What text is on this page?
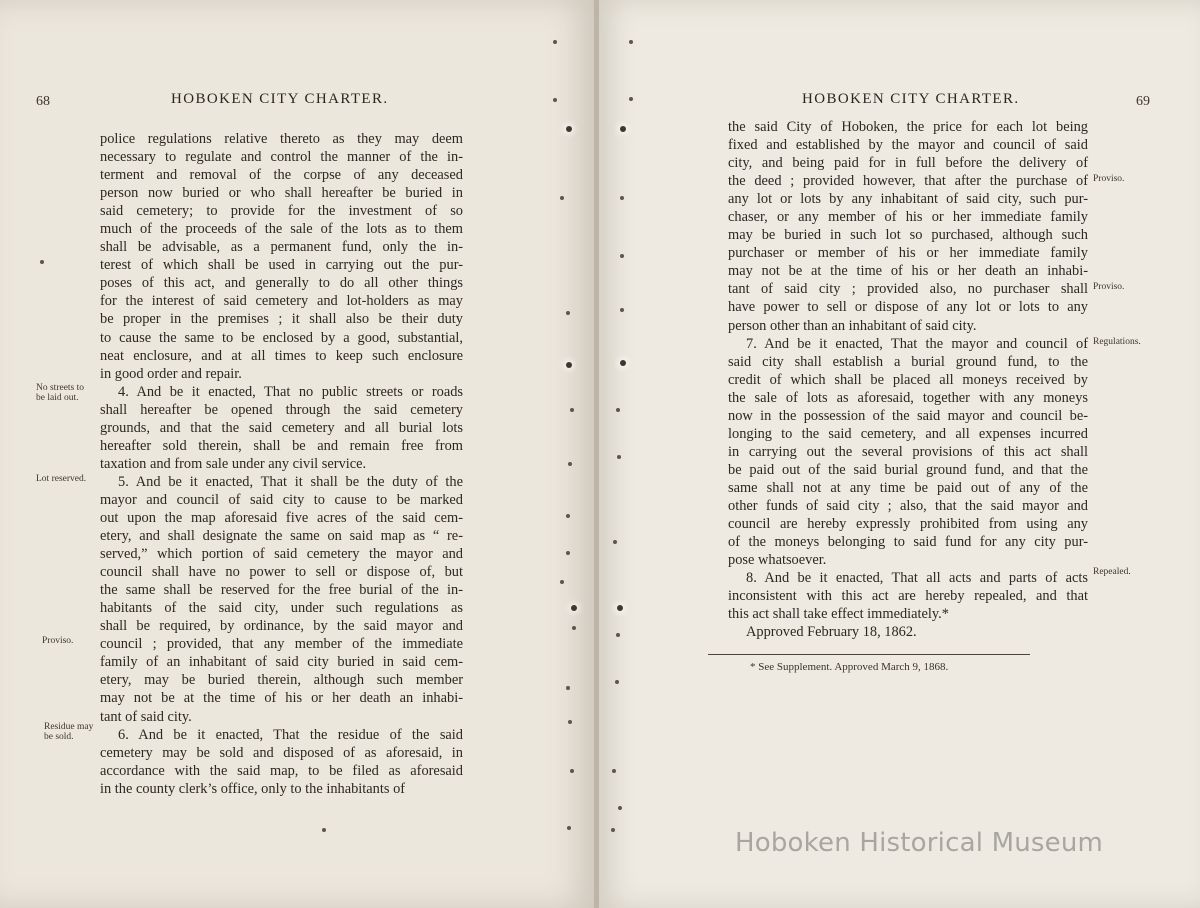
68	HOBOKEN CITY CHARTER.
police regulations relative thereto as they may deem
necessary to regulate and control the manner of the in-
terment and removal of the corpse of any deceased
person now buried or who shall hereafter be buried in
said cemetery; to provide for the investment of so
much of the proceeds of the sale of the lots as to them
shall be advisable, as a permanent fund, only the in-
terest of which shall be used in carrying out the pur-
poses of this act, and generally to do all other things
for the interest of said cemetery and lot-holders as may
be proper in the premises ; it shall also be their duty
to cause the same to be enclosed by a good, substantial,
neat enclosure, and at all times to keep such enclosure
in good order and repair.
4. And be it enacted, That no public streets or roads
shall hereafter be opened through the said cemetery
grounds, and that the said cemetery and all burial lots
hereafter sold therein, shall be and remain free from
taxation and from sale under any civil service.
5. And be it enacted, That it shall be the duty of the
mayor and council of said city to cause to be marked
out upon the map aforesaid five acres of the said cem-
etery, and shall designate the same on said map as “ re-
served,” which portion of said cemetery the mayor and
council shall have no power to sell or dispose of, but
the same shall be reserved for the free burial of the in-
habitants of the said city, under such regulations as
shall be required, by ordinance, by the said mayor and
council ; provided, that any member of the immediate
family of an inhabitant of said city buried in said cem-
etery, may be buried therein, although such member
may not be at the time of his or her death an inhabi-
tant of said city.
6. And be it enacted, That the residue of the said
cemetery may be sold and disposed of as aforesaid, in
accordance with the said map, to be filed as aforesaid
in the county clerk’s office, only to the inhabitants of
No streets to
be laid out.
Lot reserved.
Proviso.
Residue may
be sold.
HOBOKEN CITY CHARTER.	69
the said City of Hoboken, the price for each lot being
fixed and established by the mayor and council of said
city, and being paid for in full before the delivery of
the deed ; provided however, that after the purchase of
any lot or lots by any inhabitant of said city, such pur-
chaser, or any member of his or her immediate family
may be buried in such lot so purchased, although such
purchaser or member of his or her immediate family
may not be at the time of his or her death an inhabi-
tant of said city ; provided also, no purchaser shall
have power to sell or dispose of any lot or lots to any
person other than an inhabitant of said city.
7. And be it enacted, That the mayor and council of
said city shall establish a burial ground fund, to the
credit of which shall be placed all moneys received by
the sale of lots as aforesaid, together with any moneys
now in the possession of the said mayor and council be-
longing to the said cemetery, and all expenses incurred
in carrying out the several provisions of this act shall
be paid out of the said burial ground fund, and that the
same shall not at any time be paid out of any of the
other funds of said city ; also, that the said mayor and
council are hereby expressly prohibited from using any
of the moneys belonging to said fund for any city pur-
pose whatsoever.
8. And be it enacted, That all acts and parts of acts
inconsistent with this act are hereby repealed, and that
this act shall take effect immediately.*
Approved February 18, 1862.
Proviso.
Proviso.
Regulations.
Repealed.
* See Supplement. Approved March 9, 1868.
Hoboken Historical Museum
